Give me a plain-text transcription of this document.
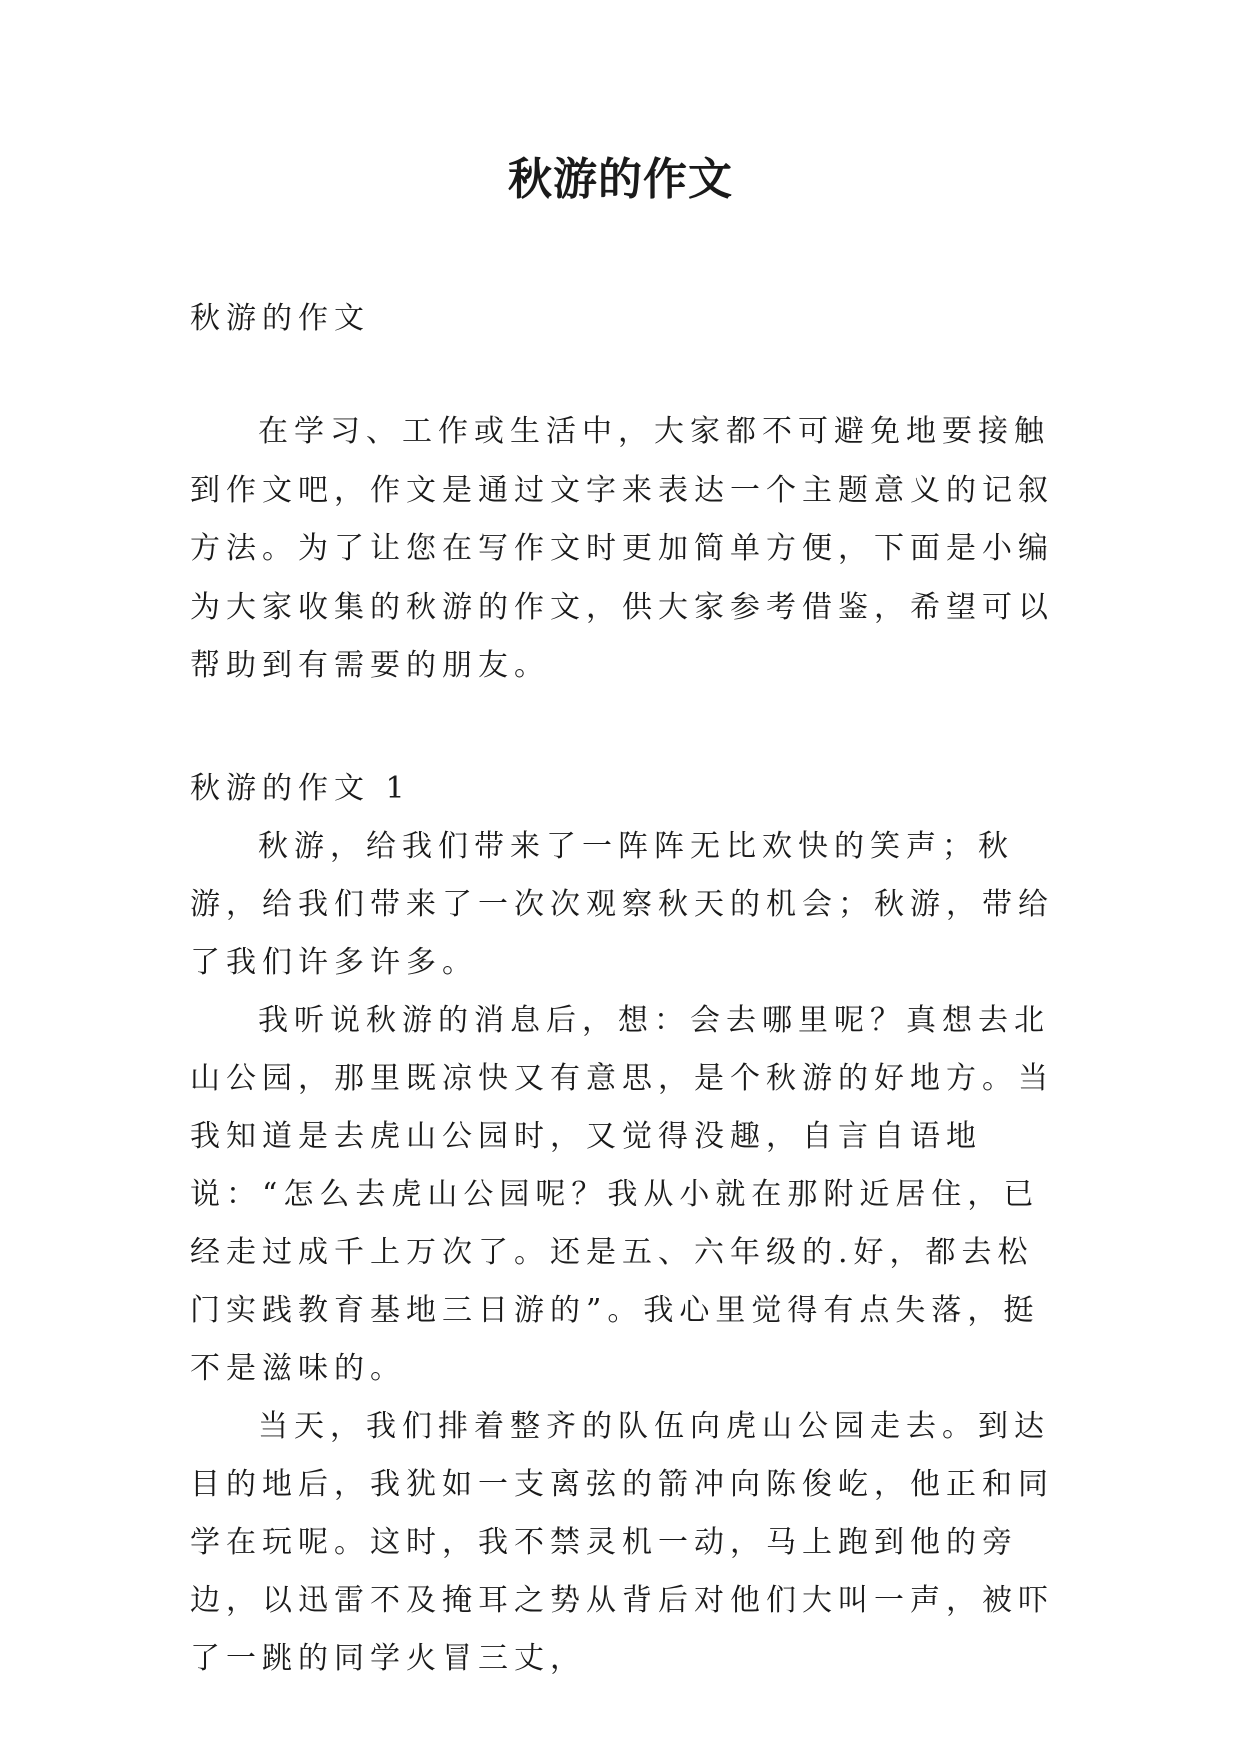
秋游的作文
秋游的作文

在学习、工作或生活中，大家都不可避免地要接触到作文吧，作文是通过文字来表达一个主题意义的记叙方法。为了让您在写作文时更加简单方便，下面是小编为大家收集的秋游的作文，供大家参考借鉴，希望可以帮助到有需要的朋友。

秋游的作文 1

秋游，给我们带来了一阵阵无比欢快的笑声；秋游，给我们带来了一次次观察秋天的机会；秋游，带给了我们许多许多。

我听说秋游的消息后，想：会去哪里呢？真想去北山公园，那里既凉快又有意思，是个秋游的好地方。当我知道是去虎山公园时，又觉得没趣，自言自语地说：“怎么去虎山公园呢？我从小就在那附近居住，已经走过成千上万次了。还是五、六年级的.好，都去松门实践教育基地三日游的”。我心里觉得有点失落，挺不是滋味的。

当天，我们排着整齐的队伍向虎山公园走去。到达目的地后，我犹如一支离弦的箭冲向陈俊屹，他正和同学在玩呢。这时，我不禁灵机一动，马上跑到他的旁边，以迅雷不及掩耳之势从背后对他们大叫一声，被吓了一跳的同学火冒三丈，
